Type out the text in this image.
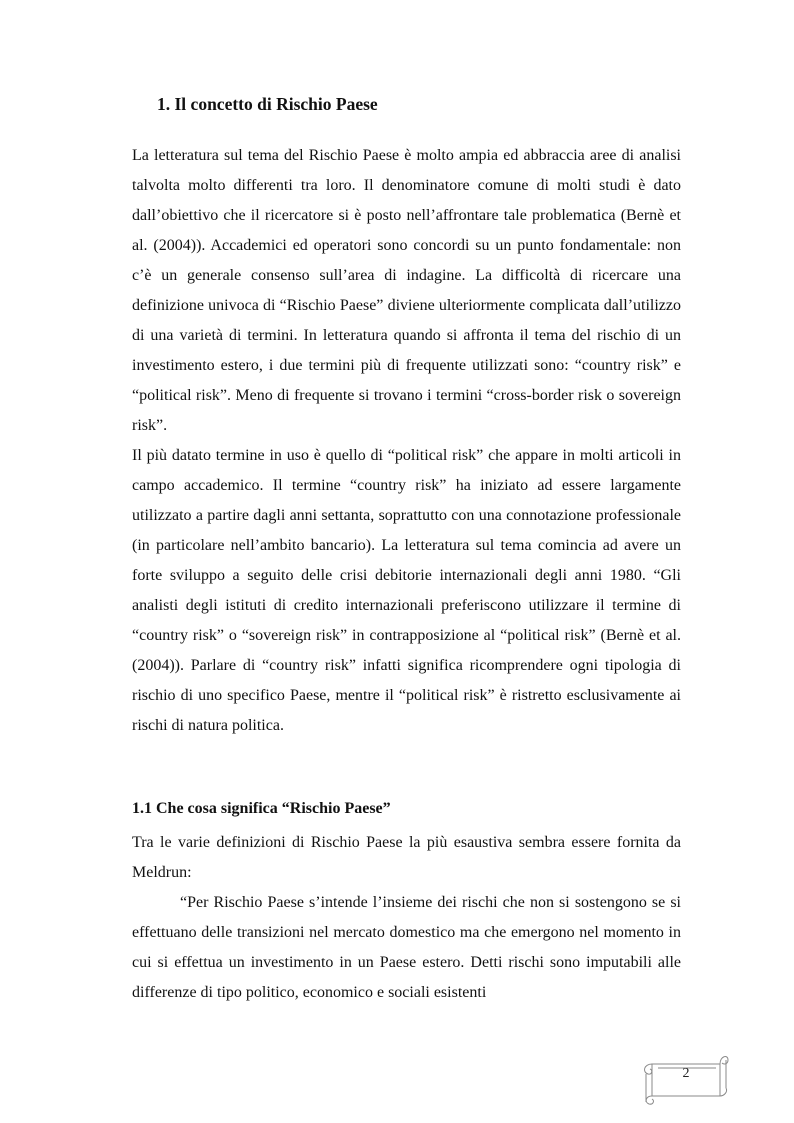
1. Il concetto di Rischio Paese

La letteratura sul tema del Rischio Paese è molto ampia ed abbraccia aree di analisi talvolta molto differenti tra loro. Il denominatore comune di molti studi è dato dall’obiettivo che il ricercatore si è posto nell’affrontare tale problematica (Bernè et al. (2004)). Accademici ed operatori sono concordi su un punto fondamentale: non c’è un generale consenso sull’area di indagine. La difficoltà di ricercare una definizione univoca di “Rischio Paese” diviene ulteriormente complicata dall’utilizzo di una varietà di termini. In letteratura quando si affronta il tema del rischio di un investimento estero, i due termini più di frequente utilizzati sono: “country risk” e “political risk”. Meno di frequente si trovano i termini “cross-border risk o sovereign risk”.

Il più datato termine in uso è quello di “political risk” che appare in molti articoli in campo accademico. Il termine “country risk” ha iniziato ad essere largamente utilizzato a partire dagli anni settanta, soprattutto con una connotazione professionale (in particolare nell’ambito bancario). La letteratura sul tema comincia ad avere un forte sviluppo a seguito delle crisi debitorie internazionali degli anni 1980. “Gli analisti degli istituti di credito internazionali preferiscono utilizzare il termine di “country risk” o “sovereign risk” in contrapposizione al “political risk” (Bernè et al. (2004)). Parlare di “country risk” infatti significa ricomprendere ogni tipologia di rischio di uno specifico Paese, mentre il “political risk” è ristretto esclusivamente ai rischi di natura politica.

1.1 Che cosa significa “Rischio Paese”

Tra le varie definizioni di Rischio Paese la più esaustiva sembra essere fornita da Meldrun:

“Per Rischio Paese s’intende l’insieme dei rischi che non si sostengono se si effettuano delle transizioni nel mercato domestico ma che emergono nel momento in cui si effettua un investimento in un Paese estero. Detti rischi sono imputabili alle differenze di tipo politico, economico e sociali esistenti

2
